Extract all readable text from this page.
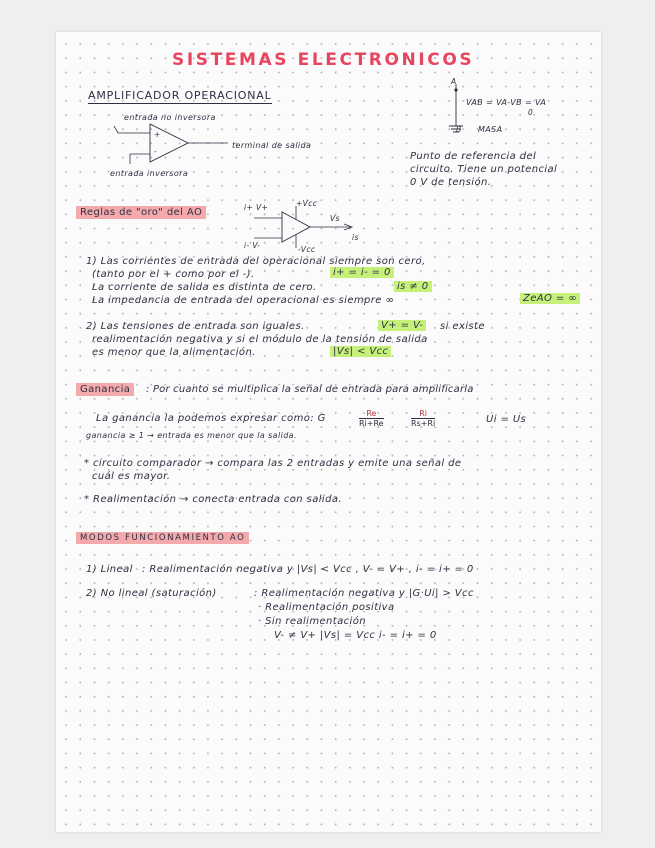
SISTEMAS ELECTRONICOS
AMPLIFICADOR OPERACIONAL
entrada no inversora
terminal de salida
entrada inversora
+
-
A
B
VAB = VA-VB = VA
0
MASA
Punto de referencia del
circuito. Tiene un potencial
0 V de tensión.
Reglas de "oro" del AO	i+ V+	+Vcc
Vs
i- V-	-Vcc
is
1) Las corrientes de entrada del operacional siempre son cero,
(tanto por el + como por el -).	i+ = i- = 0
La corriente de salida es distinta de cero.	is ≠ 0
La impedancia de entrada del operacional es siempre ∞	ZeAO = ∞
2) Las tensiones de entrada son iguales.	V+ = V-	si existe
realimentación negativa y si el módulo de la tensión de salida
es menor que la alimentación.	|Vs| < Vcc
Ganancia	: Por cuanto se multiplica la señal de entrada para amplificarla
La ganancia la podemos expresar como: G	$\frac{Re}{Ri+Re}$	$\frac{Ri}{Rs+Ri}$	Ui = Us
ganancia ≥ 1 → entrada es menor que la salida.
* circuito comparador → compara las 2 entradas y emite una señal de
cuál es mayor.
* Realimentación → conecta entrada con salida.
MODOS FUNCIONAMIENTO AO
1) Lineal : Realimentación negativa y |Vs| < Vcc , V- = V+ , i- = i+ = 0
2) No lineal (saturación)	: Realimentación negativa y |G·Ui| > Vcc
· Realimentación positiva
· Sin realimentación
V- ≠ V+ |Vs| = Vcc i- = i+ = 0
